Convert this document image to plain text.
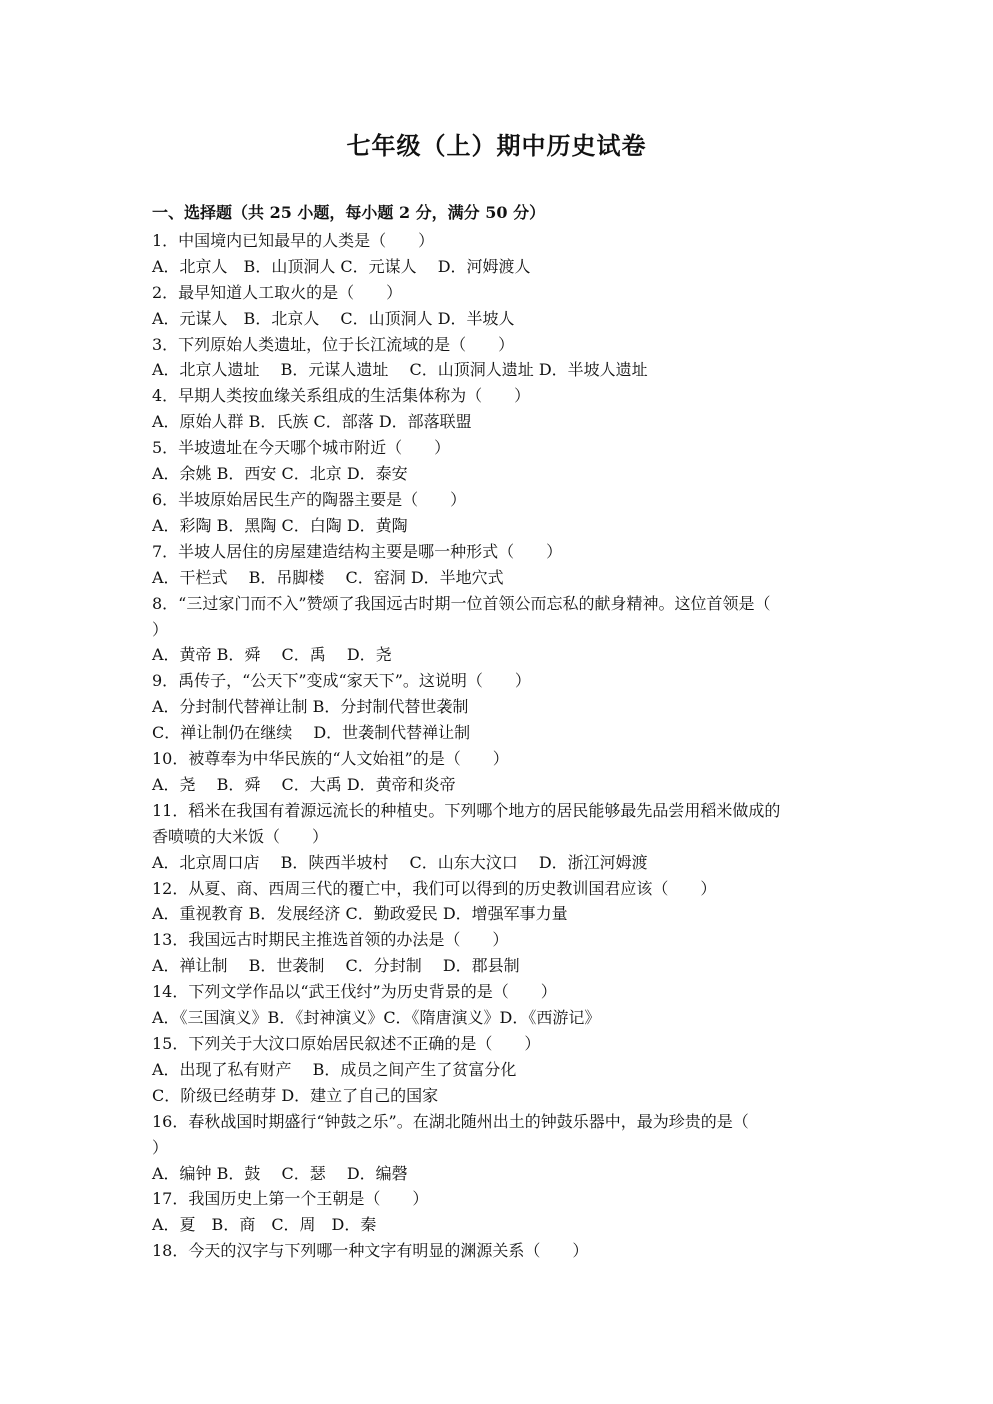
七年级（上）期中历史试卷
一、选择题（共 25 小题，每小题 2 分，满分 50 分）
1．中国境内已知最早的人类是（　　）
A．北京人　B．山顶洞人 C．元谋人　 D．河姆渡人
2．最早知道人工取火的是（　　）
A．元谋人　B．北京人　 C．山顶洞人 D．半坡人
3．下列原始人类遗址，位于长江流域的是（　　）
A．北京人遗址　 B．元谋人遗址　 C．山顶洞人遗址 D．半坡人遗址
4．早期人类按血缘关系组成的生活集体称为（　　）
A．原始人群 B．氏族 C．部落 D．部落联盟
5．半坡遗址在今天哪个城市附近（　　）
A．余姚 B．西安 C．北京 D．泰安
6．半坡原始居民生产的陶器主要是（　　）
A．彩陶 B．黑陶 C．白陶 D．黄陶
7．半坡人居住的房屋建造结构主要是哪一种形式（　　）
A．干栏式　 B．吊脚楼　 C．窑洞 D．半地穴式
8．“三过家门而不入”赞颂了我国远古时期一位首领公而忘私的献身精神。这位首领是（
）
A．黄帝 B．舜　 C．禹　 D．尧
9．禹传子，“公天下”变成“家天下”。这说明（　　）
A．分封制代替禅让制 B．分封制代替世袭制
C．禅让制仍在继续　 D．世袭制代替禅让制
10．被尊奉为中华民族的“人文始祖”的是（　　）
A．尧　 B．舜　 C．大禹 D．黄帝和炎帝
11．稻米在我国有着源远流长的种植史。下列哪个地方的居民能够最先品尝用稻米做成的
香喷喷的大米饭（　　）
A．北京周口店　 B．陕西半坡村　 C．山东大汶口　 D．浙江河姆渡
12．从夏、商、西周三代的覆亡中，我们可以得到的历史教训国君应该（　　）
A．重视教育 B．发展经济 C．勤政爱民 D．增强军事力量
13．我国远古时期民主推选首领的办法是（　　）
A．禅让制　 B．世袭制　 C．分封制　 D．郡县制
14．下列文学作品以“武王伐纣”为历史背景的是（　　）
A．《三国演义》B．《封神演义》C．《隋唐演义》D．《西游记》
15．下列关于大汶口原始居民叙述不正确的是（　　）
A．出现了私有财产　 B．成员之间产生了贫富分化
C．阶级已经萌芽 D．建立了自己的国家
16．春秋战国时期盛行“钟鼓之乐”。在湖北随州出土的钟鼓乐器中，最为珍贵的是（
）
A．编钟 B．鼓　 C．瑟　 D．编磬
17．我国历史上第一个王朝是（　　）
A．夏　B．商　C．周　D．秦
18．今天的汉字与下列哪一种文字有明显的渊源关系（　　）
